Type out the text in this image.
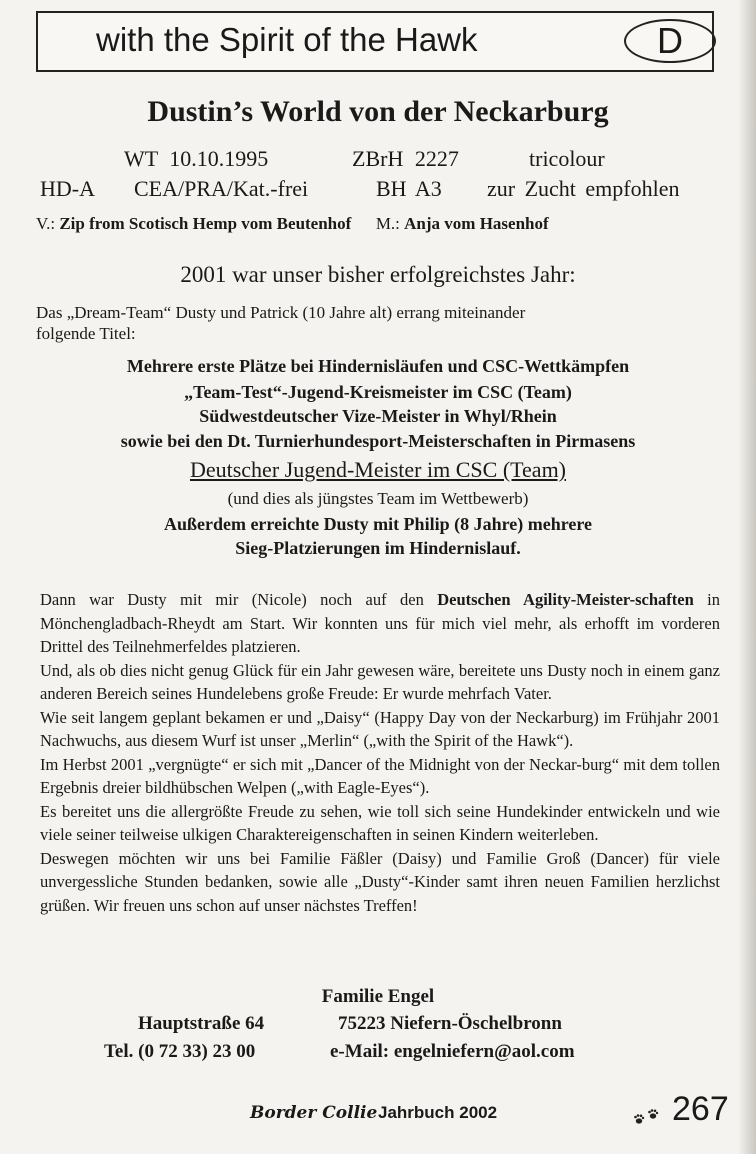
with the Spirit of the Hawk	D
Dustin’s World von der Neckarburg
WT 10.10.1995	ZBrH 2227	tricolour
HD-A CEA/PRA/Kat.-frei	BH A3 zur Zucht empfohlen
V.: Zip from Scotisch Hemp vom Beutenhof M.: Anja vom Hasenhof
2001 war unser bisher erfolgreichstes Jahr:
Das „Dream-Team“ Dusty und Patrick (10 Jahre alt) errang miteinander
folgende Titel:
Mehrere erste Plätze bei Hindernisläufen und CSC-Wettkämpfen
„Team-Test“-Jugend-Kreismeister im CSC (Team)
Südwestdeutscher Vize-Meister in Whyl/Rhein
sowie bei den Dt. Turnierhundesport-Meisterschaften in Pirmasens
Deutscher Jugend-Meister im CSC (Team)
(und dies als jüngstes Team im Wettbewerb)
Außerdem erreichte Dusty mit Philip (8 Jahre) mehrere
Sieg-Platzierungen im Hindernislauf.

Dann war Dusty mit mir (Nicole) noch auf den Deutschen Agility-Meister-schaften in Mönchengladbach-Rheydt am Start. Wir konnten uns für mich viel mehr, als erhofft im vorderen Drittel des Teilnehmerfeldes platzieren.

Und, als ob dies nicht genug Glück für ein Jahr gewesen wäre, bereitete uns Dusty noch in einem ganz anderen Bereich seines Hundelebens große Freude: Er wurde mehrfach Vater.

Wie seit langem geplant bekamen er und „Daisy“ (Happy Day von der Neckarburg) im Frühjahr 2001 Nachwuchs, aus diesem Wurf ist unser „Merlin“ („with the Spirit of the Hawk“).

Im Herbst 2001 „vergnügte“ er sich mit „Dancer of the Midnight von der Neckar-burg“ mit dem tollen Ergebnis dreier bildhübschen Welpen („with Eagle-Eyes“).

Es bereitet uns die allergrößte Freude zu sehen, wie toll sich seine Hundekinder entwickeln und wie viele seiner teilweise ulkigen Charaktereigenschaften in seinen Kindern weiterleben.

Deswegen möchten wir uns bei Familie Fäßler (Daisy) und Familie Groß (Dancer) für viele unvergessliche Stunden bedanken, sowie alle „Dusty“-Kinder samt ihren neuen Familien herzlichst grüßen. Wir freuen uns schon auf unser nächstes Treffen!

Familie Engel
Hauptstraße 64	75223 Niefern-Öschelbronn
Tel. (0 72 33) 23 00	e-Mail: engelniefern@aol.com
Border Collie Jahrbuch 2002	267
